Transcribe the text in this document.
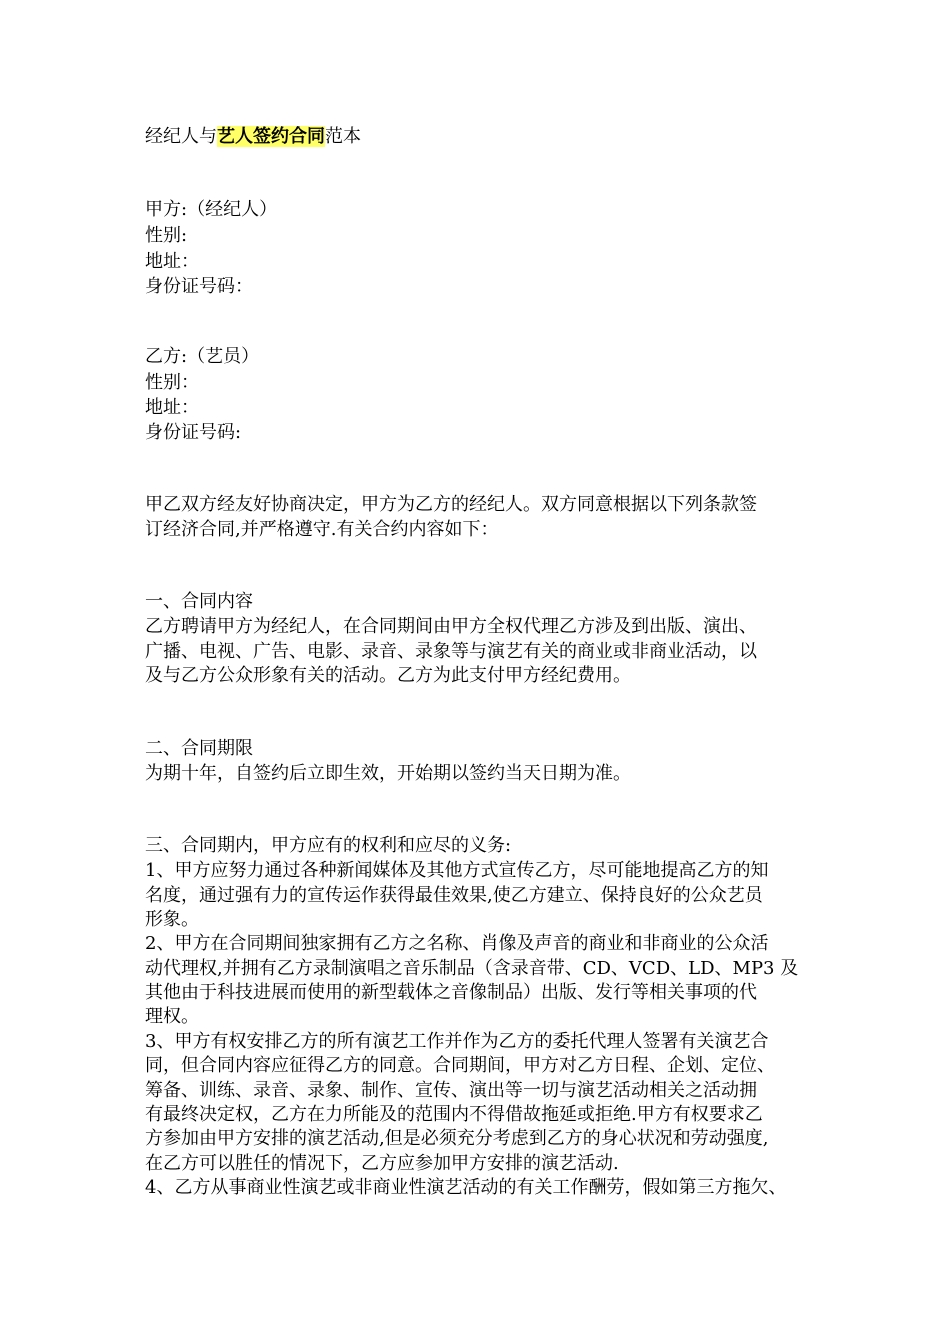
经纪人与艺人签约合同范本
甲方:（经纪人）
性别:
地址：
身份证号码：
乙方:（艺员）
性别：
地址：
身份证号码:
甲乙双方经友好协商决定，甲方为乙方的经纪人。双方同意根据以下列条款签
订经济合同,并严格遵守.有关合约内容如下：
一、合同内容
乙方聘请甲方为经纪人，在合同期间由甲方全权代理乙方涉及到出版、演出、
广播、电视、广告、电影、录音、录象等与演艺有关的商业或非商业活动，以
及与乙方公众形象有关的活动。乙方为此支付甲方经纪费用。
二、合同期限
为期十年，自签约后立即生效，开始期以签约当天日期为准。
三、合同期内，甲方应有的权利和应尽的义务:
1、甲方应努力通过各种新闻媒体及其他方式宣传乙方，尽可能地提高乙方的知
名度，通过强有力的宣传运作获得最佳效果,使乙方建立、保持良好的公众艺员
形象。
2、甲方在合同期间独家拥有乙方之名称、肖像及声音的商业和非商业的公众活
动代理权,并拥有乙方录制演唱之音乐制品（含录音带、CD、VCD、LD、MP3 及
其他由于科技进展而使用的新型载体之音像制品）出版、发行等相关事项的代
理权。
3、甲方有权安排乙方的所有演艺工作并作为乙方的委托代理人签署有关演艺合
同，但合同内容应征得乙方的同意。合同期间，甲方对乙方日程、企划、定位、
筹备、训练、录音、录象、制作、宣传、演出等一切与演艺活动相关之活动拥
有最终决定权，乙方在力所能及的范围内不得借故拖延或拒绝.甲方有权要求乙
方参加由甲方安排的演艺活动,但是必须充分考虑到乙方的身心状况和劳动强度,
在乙方可以胜任的情况下，乙方应参加甲方安排的演艺活动.
4、乙方从事商业性演艺或非商业性演艺活动的有关工作酬劳，假如第三方拖欠、
